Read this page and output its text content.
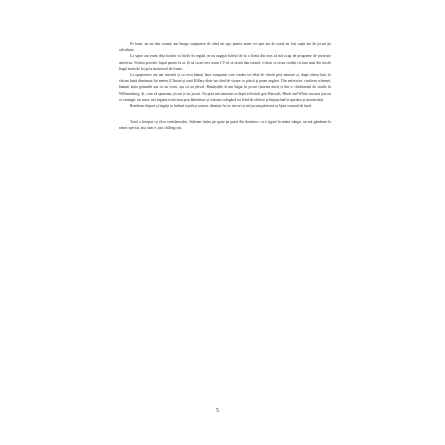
Pe bune, nu mi dau rotund, am bunge computere de când mi spa, pentru mine cei spte ani de acasă nu fost sapte ani de jocuri pe calculator.

La șapte ani eram deja hacker cu birile în regulă, m-au angajat băieții de la o firmă din oraș să mă ocup de programe de protecție antivirus. Vechea poveste: lupul paznic la oi. Și să cu mi rect acum CV-ul ca să mă dau rotund, ci doar ca să nu credeți că sunt unul din ăia de leagă mufa de la țip la monitorul de frunte.

La opsprezece ani am inventit și cu ceva bănuți între companie care vindea tot felul de chestii prin internet și, după câteva luni, le vâcam bună diminește lui mereu (Clinton și tanti Hillary dintr-un când de vizare cu pisică și prum englezi. Din nefericire, conform schemei, bănuții ăștia grămadă așa că au venit, așa că au plecat. Rămășițele le-am băgat în jocuri (mortea mea) și într-o chichineață de studio în Williamsburg. Și, cum vă spuneam, jocuri și iar jocuri. Nu prea mă omoram cu după sofisticăi gen Warcraft, Black and White sau mai știu eu ce strategii; nu mere, mă fugiam toată ziua prin labirinturi și coloane culegând tot felul de obiecte și împușcând la spirduși și monstruleți.

Rondiam chipuri și bagăți cu brânză topită și somon, dinainte în ice tea-uri și mă jucam până mă se lipea scaunul de fund.

Totul a început cu clica ventilatorului. Stăteam întins pe spate pe patul din dormitor, cu o țigară în mâna stângă, nu mă gândeam la nimic special, ziși cum e, just chilling out.

5
